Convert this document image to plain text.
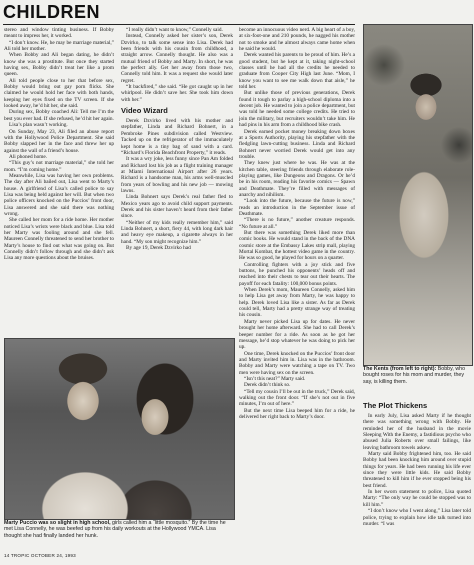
CHILDREN

stereo and window tinting business. If Bobby meant to impress her, it worked.

“I don’t know. He, he may be marriage material,” Ali told her mother.

When Bobby and Ali began dating, he didn’t know she was a prostitute. But once they started having sex, Bobby didn’t treat her like a prom queen.

Ali told people close to her that before sex, Bobby would bring out gay porn flicks. She claimed he would hold her face with both hands, keeping her eyes fixed on the TV screen. If she looked away, he’d hit her, she said.

During sex, Bobby coached Ali: Tell me I’m the best you ever had. If she refused, he’d hit her again.

Lisa’s plan wasn’t working.

On Sunday, May 23, Ali filed an abuse report with the Hollywood Police Department. She said Bobby slapped her in the face and threw her up against the wall of a friend’s house.

Ali phoned home.

“This guy’s not marriage material,” she told her mom. “I’m coming home.”

Meanwhile, Lisa was having her own problems. The day after Ali bailed out, Lisa went to Marty’s house. A girlfriend of Lisa’s called police to say Lisa was being held against her will. But when two police officers knocked on the Puccios’ front door, Lisa answered and she said there was nothing wrong.

She called her mom for a ride home. Her mother noticed Lisa’s wrists were black and blue. Lisa told her Marty was fooling around and she fell. Maureen Connelly threatened to send her brother to Marty’s house to find out what was going on. But Connelly didn’t follow through and she didn’t ask Lisa any more questions about the bruises.

“I really didn’t want to know,” Connelly said.

Instead, Connelly asked her sister’s son, Derek Dzvirko, to talk some sense into Lisa. Derek had been friends with his cousin from childhood, a straight arrow. Connelly thought. He also was a mutual friend of Bobby and Marty. In short, he was the perfect ally. Get her away from those two, Connelly told him. It was a request she would later regret.

“It backfired,” she said. “He got caught up in her whirlpool. He didn’t save her. She took him down with her.”

Video Wizard

Derek Dzvirko lived with his mother and stepfather, Linda and Richard Bohnert, in a Pembroke Pines subdivision called Westview. Tacked up on the refrigerator of the immaculately kept home is a tiny bag of sand with a card. “Richard’s Florida Beachfront Property,” it reads.

It was a wry joke, less funny since Pan Am folded and Richard lost his job as a flight training manager at Miami International Airport after 26 years. Richard is a handsome man, his arms well-muscled from years of bowling and his new job — mowing lawns.

Linda Bohnert says Derek’s real father fled to Mexico years ago to avoid child support payments. Derek and his sister haven’t heard from their father since.

“Neither of my kids really remember him,” said Linda Bohnert, a short, fiery 44, with long dark hair and heavy eye makeup, a cigarette always in her hand. “My son might recognize him.”

By age 19, Derek Dzvirko had

become an innocuous video nerd. A big heart of a boy, at six-foot-one and 210 pounds, he nagged his mother not to smoke and he almost always came home when he said he would.

Derek wanted his parents to be proud of him. He’s a good student, but he kept at it, taking night-school classes until he had all the credits he needed to graduate from Cooper City High last June. “Mom, I know you want to see me walk down that aisle,” he told her.

But unlike those of previous generations, Derek found it tough to parlay a high-school diploma into a decent job. He wanted to join a police department, but was told he needed some college credits. He tried to join the military, but recruiters wouldn’t take him. He had pins in his arm from a childhood bike crash.

Derek earned pocket money breaking down boxes at a Sports Authority, playing his stepfather with the fledgling lawn-cutting business. Linda and Richard Bohnert never worried Derek would get into any trouble.

They knew just where he was. He was at the kitchen table, steering friends through elaborate role-playing games, like Dungeons and Dragons. Or he’d be in his room, reading his favorite comics — Spawn and Deathmate. They’re filled with messages of anarchy and nihilism.

“Look into the future, because the future is now,” reads an introduction in the September issue of Deathmate.

“There is no future,” another creature responds. “No future at all.”

But there was something Derek liked more than comic books. He would stand in the back of the DNA cosmic store at the Embassy Lakes strip mall, playing Mortal Kombat, the hottest video game in the country. He was so good, he played for hours on a quarter.

Controlling fighters with a joy stick and five buttons, he punched his opponents’ heads off and reached into their chests to tear out their hearts. The payoff for each fatality: 100,000 bonus points.

When Derek’s mom, Maureen Connelly, asked him to help Lisa get away from Marty, he was happy to help. Derek loved Lisa like a sister. As far as Derek could tell, Marty had a pretty strange way of treating his cousin.

Marty never picked Lisa up for dates. He never brought her home afterward. She had to call Derek’s beeper number for a ride. As soon as he got her message, he’d stop whatever he was doing to pick her up.

One time, Derek knocked on the Puccios’ front door and Marty invited him in. Lisa was in the bathroom. Bobby and Marty were watching a tape on TV. Two men were having sex on the screen.

“Isn’t this neat?” Marty said.

Derek didn’t think so.

“Tell my cousin I’ll be out in the truck,” Derek said, walking out the front door. “If she’s not out in five minutes, I’m out of here.”

But the next time Lisa beeped him for a ride, he delivered her right back to Marty’s door.

Marty Puccio was so slight in high school, girls called him a “little mosquito.” By the time he met Lisa Connelly, he was beefed up from his daily workouts at the Hollywood YMCA. Lisa thought she had finally landed her hunk.
The Kents (from left to right): Bobby, who bought roses for his mom and murder, they say, is killing them.
The Plot Thickens

In early July, Lisa asked Marty if he thought there was something wrong with Bobby. He reminded her of the husband in the movie Sleeping With the Enemy, a fastidious psycho who abused Julia Roberts over small failings, like leaving bathroom towels askew.

Marty said Bobby frightened him, too. He said Bobby had been knocking him around over stupid things for years. He had been running his life ever since they were little kids. He said Bobby threatened to kill him if he ever stopped being his best friend.

In her sworn statement to police, Lisa quoted Marty: “The only way he could be stopped was to kill him.”

“I don’t know who I went along,” Lisa later told police, trying to explain how idle talk turned into murder. “I was

14 TROPIC OCTOBER 24, 1993
